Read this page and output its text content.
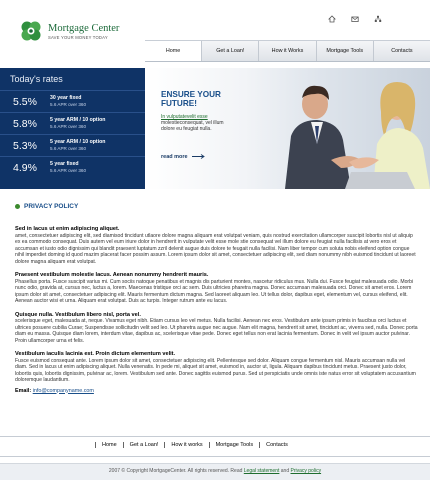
Mortgage Center
SAVE YOUR MONEY TODAY
Home	Get a Loan!	How it Works	Mortgage Tools	Contacts
Today's rates
5.5%	30 year fixed
5.6 APR over 360
5.8%	5 year ARM / 10 option
5.6 APR over 360
5.3%	5 year ARM / 10 option
5.6 APR over 360
4.9%	5 year fixed
5.6 APR over 360
ENSURE YOUR
FUTURE!
In vulputatevelit esse
molestieconsequat, vel illum
dolore eu feugiat nulla.
read more
PRIVACY POLICY
Sed in lacus ut enim adipiscing aliquet.
amet, consectetuer adipiscing elit, sed diamisod tincidunt utlaore dolore magna aliquam erat volutpat veniam, quis nostrud exercitation ullamcorper suscipit lobortis nisl ut aliquip ex ea commodo consequat. Duis autem vel eum iriure dolor in hendrerit in vulputate velit esse mole stie consequat vel illum dolore eu feugiat nulla facilisis at vero eros et accumsan et iusto odio dignissim qui blandit praesent luptatum zzril delenit augue duis dolore te feugait nulla facilisi. Nam liber tempor cum soluta nobis eleifend option congue nihil imperdiet doming id quod mazim placerat facer possim assum. Lorem ipsum dolor sit amet, consectetuer adipiscing elit, sed diam nonummy nibh euismod tincidunt ut laoreet dolore magna aliquam erat volutpat.
Praesent vestibulum molestie lacus. Aenean nonummy hendrerit mauris.
Phasellus porta. Fusce suscipit varius mi. Cum sociis natoque penatibus et magnis dis parturient montes, nascetur ridiculus mus. Nulla dui. Fusce feugiat malesuada odio. Morbi nunc odio, gravida at, cursus nec, luctus a, lorem. Maecenas tristique orci ac sem. Duis ultricies pharetra magna. Donec accumsan malesuada orci. Donec sit amet eros. Lorem ipsum dolor sit amet, consectetuer adipiscing elit. Mauris fermentum dictum magna. Sed laoreet aliquam leo. Ut tellus dolor, dapibus eget, elementum vel, cursus eleifend, elit. Aenean auctor wisi et urna. Aliquam erat volutpat. Duis ac turpis. Integer rutrum ante eu lacus.
Quisque nulla. Vestibulum libero nisl, porta vel.
scelerisque eget, malesuada at, neque. Vivamus eget nibh. Etiam cursus leo vel metus. Nulla facilisi. Aenean nec eros. Vestibulum ante ipsum primis in faucibus orci luctus et ultrices posuere cubilia Curae; Suspendisse sollicitudin velit sed leo. Ut pharetra augue nec augue. Nam elit magna, hendrerit sit amet, tincidunt ac, viverra sed, nulla. Donec porta diam eu massa. Quisque diam lorem, interdum vitae, dapibus ac, scelerisque vitae pede. Donec eget tellus non erat lacinia fermentum. Donec in velit vel ipsum auctor pulvinar. Proin ullamcorper urna et felis.
Vestibulum iaculis lacinia est. Proin dictum elementum velit.
Fusce euismod consequat ante. Lorem ipsum dolor sit amet, consectetuer adipiscing elit. Pellentesque sed dolor. Aliquam congue fermentum nisl. Mauris accumsan nulla vel diam. Sed in lacus ut enim adipiscing aliquet. Nulla venenatis. In pede mi, aliquet sit amet, euismod in, auctor ut, ligula. Aliquam dapibus tincidunt metus. Praesent justo dolor, lobortis quis, lobortis dignissim, pulvinar ac, lorem. Vestibulum sed ante. Donec sagittis euismod purus. Sed ut perspiciatis unde omnis iste natus error sit voluptatem accusantium doloremque laudantium.
Email: info@companyname.com
Home	Get a Loan!	How it works	Mortgage Tools	Contacts
2007 © Copyright MortgageCenter. All rights reserved. Read Legal statement and Privacy policy
